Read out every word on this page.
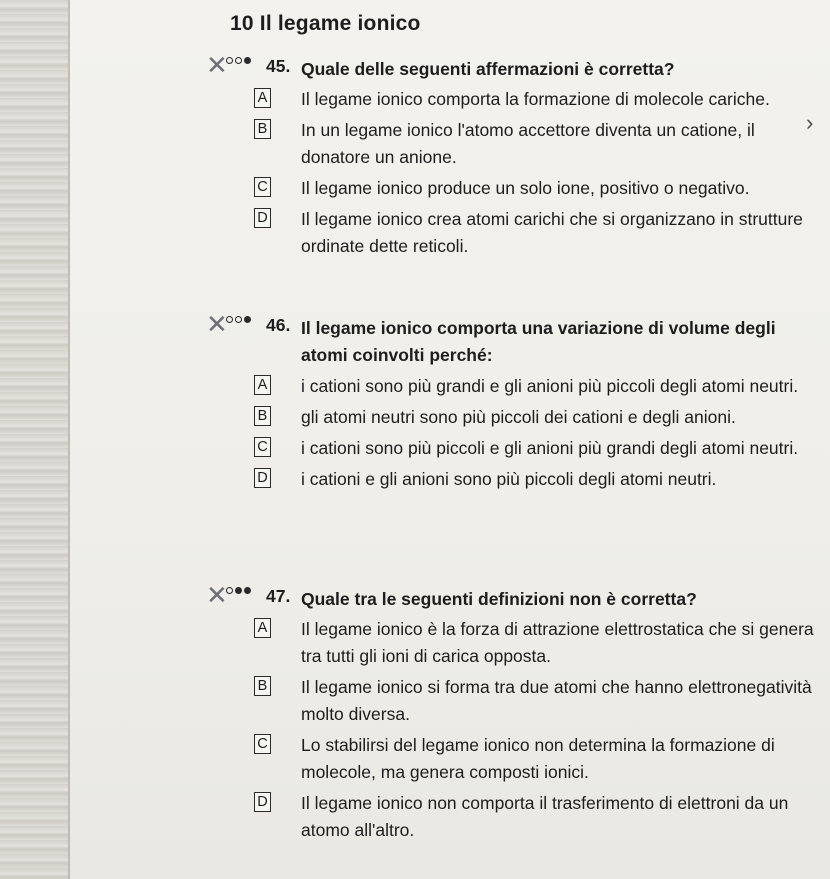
10 Il legame ionico
›
✕ 45. Quale delle seguenti affermazioni è corretta?
A Il legame ionico comporta la formazione di molecole cariche.
B In un legame ionico l'atomo accettore diventa un catione, il donatore un anione.
C Il legame ionico produce un solo ione, positivo o negativo.
D Il legame ionico crea atomi carichi che si organizzano in strutture ordinate dette reticoli.
✕ 46. Il legame ionico comporta una variazione di volume degli atomi coinvolti perché:
A i cationi sono più grandi e gli anioni più piccoli degli atomi neutri.
B gli atomi neutri sono più piccoli dei cationi e degli anioni.
C i cationi sono più piccoli e gli anioni più grandi degli atomi neutri.
D i cationi e gli anioni sono più piccoli degli atomi neutri.
✕ 47. Quale tra le seguenti definizioni non è corretta?
A Il legame ionico è la forza di attrazione elettrostatica che si genera tra tutti gli ioni di carica opposta.
B Il legame ionico si forma tra due atomi che hanno elettronegatività molto diversa.
C Lo stabilirsi del legame ionico non determina la formazione di molecole, ma genera composti ionici.
D Il legame ionico non comporta il trasferimento di elettroni da un atomo all'altro.
